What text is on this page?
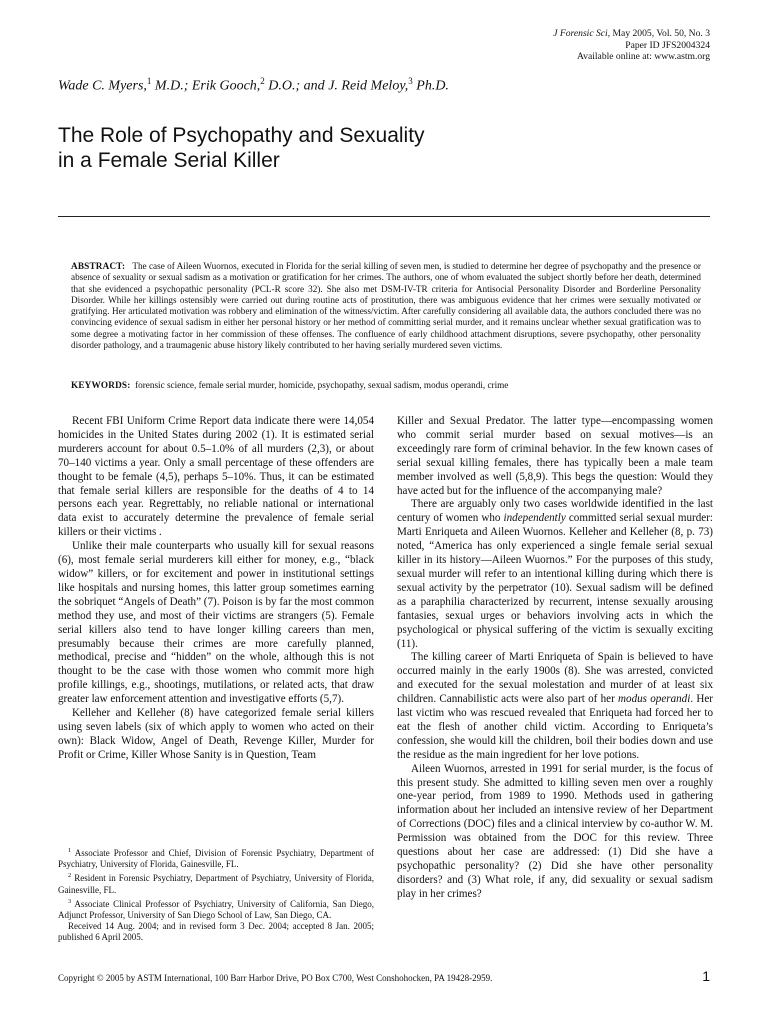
J Forensic Sci, May 2005, Vol. 50, No. 3
Paper ID JFS2004324
Available online at: www.astm.org
Wade C. Myers,$^1$ M.D.; Erik Gooch,$^2$ D.O.; and J. Reid Meloy,$^3$ Ph.D.
The Role of Psychopathy and Sexuality
in a Female Serial Killer
ABSTRACT: The case of Aileen Wuornos, executed in Florida for the serial killing of seven men, is studied to determine her degree of psychopathy and the presence or absence of sexuality or sexual sadism as a motivation or gratification for her crimes. The authors, one of whom evaluated the subject shortly before her death, determined that she evidenced a psychopathic personality (PCL-R score 32). She also met DSM-IV-TR criteria for Antisocial Personality Disorder and Borderline Personality Disorder. While her killings ostensibly were carried out during routine acts of prostitution, there was ambiguous evidence that her crimes were sexually motivated or gratifying. Her articulated motivation was robbery and elimination of the witness/victim. After carefully considering all available data, the authors concluded there was no convincing evidence of sexual sadism in either her personal history or her method of committing serial murder, and it remains unclear whether sexual gratification was to some degree a motivating factor in her commission of these offenses. The confluence of early childhood attachment disruptions, severe psychopathy, other personality disorder pathology, and a traumagenic abuse history likely contributed to her having serially murdered seven victims.
KEYWORDS: forensic science, female serial murder, homicide, psychopathy, sexual sadism, modus operandi, crime

Recent FBI Uniform Crime Report data indicate there were 14,054 homicides in the United States during 2002 (1). It is estimated serial murderers account for about 0.5–1.0% of all murders (2,3), or about 70–140 victims a year. Only a small percentage of these offenders are thought to be female (4,5), perhaps 5–10%. Thus, it can be estimated that female serial killers are responsible for the deaths of 4 to 14 persons each year. Regrettably, no reliable national or international data exist to accurately determine the prevalence of female serial killers or their victims .

Unlike their male counterparts who usually kill for sexual reasons (6), most female serial murderers kill either for money, e.g., “black widow” killers, or for excitement and power in institutional settings like hospitals and nursing homes, this latter group sometimes earning the sobriquet “Angels of Death” (7). Poison is by far the most common method they use, and most of their victims are strangers (5). Female serial killers also tend to have longer killing careers than men, presumably because their crimes are more carefully planned, methodical, precise and “hidden” on the whole, although this is not thought to be the case with those women who commit more high profile killings, e.g., shootings, mutilations, or related acts, that draw greater law enforcement attention and investigative efforts (5,7).

Kelleher and Kelleher (8) have categorized female serial killers using seven labels (six of which apply to women who acted on their own): Black Widow, Angel of Death, Revenge Killer, Murder for Profit or Crime, Killer Whose Sanity is in Question, Team

Killer and Sexual Predator. The latter type—encompassing women who commit serial murder based on sexual motives—is an exceedingly rare form of criminal behavior. In the few known cases of serial sexual killing females, there has typically been a male team member involved as well (5,8,9). This begs the question: Would they have acted but for the influence of the accompanying male?

There are arguably only two cases worldwide identified in the last century of women who independently committed serial sexual murder: Marti Enriqueta and Aileen Wuornos. Kelleher and Kelleher (8, p. 73) noted, “America has only experienced a single female serial sexual killer in its history—Aileen Wuornos.” For the purposes of this study, sexual murder will refer to an intentional killing during which there is sexual activity by the perpetrator (10). Sexual sadism will be defined as a paraphilia characterized by recurrent, intense sexually arousing fantasies, sexual urges or behaviors involving acts in which the psychological or physical suffering of the victim is sexually exciting (11).

The killing career of Marti Enriqueta of Spain is believed to have occurred mainly in the early 1900s (8). She was arrested, convicted and executed for the sexual molestation and murder of at least six children. Cannabilistic acts were also part of her modus operandi. Her last victim who was rescued revealed that Enriqueta had forced her to eat the flesh of another child victim. According to Enriqueta’s confession, she would kill the children, boil their bodies down and use the residue as the main ingredient for her love potions.

Aileen Wuornos, arrested in 1991 for serial murder, is the focus of this present study. She admitted to killing seven men over a roughly one-year period, from 1989 to 1990. Methods used in gathering information about her included an intensive review of her Department of Corrections (DOC) files and a clinical interview by co-author W. M. Permission was obtained from the DOC for this review. Three questions about her case are addressed: (1) Did she have a psychopathic personality? (2) Did she have other personality disorders? and (3) What role, if any, did sexuality or sexual sadism play in her crimes?

$^1$ Associate Professor and Chief, Division of Forensic Psychiatry, Department of Psychiatry, University of Florida, Gainesville, FL.

$^2$ Resident in Forensic Psychiatry, Department of Psychiatry, University of Florida, Gainesville, FL.

$^3$ Associate Clinical Professor of Psychiatry, University of California, San Diego, Adjunct Professor, University of San Diego School of Law, San Diego, CA.

Received 14 Aug. 2004; and in revised form 3 Dec. 2004; accepted 8 Jan. 2005; published 6 April 2005.

Copyright © 2005 by ASTM International, 100 Barr Harbor Drive, PO Box C700, West Conshohocken, PA 19428-2959.	1
